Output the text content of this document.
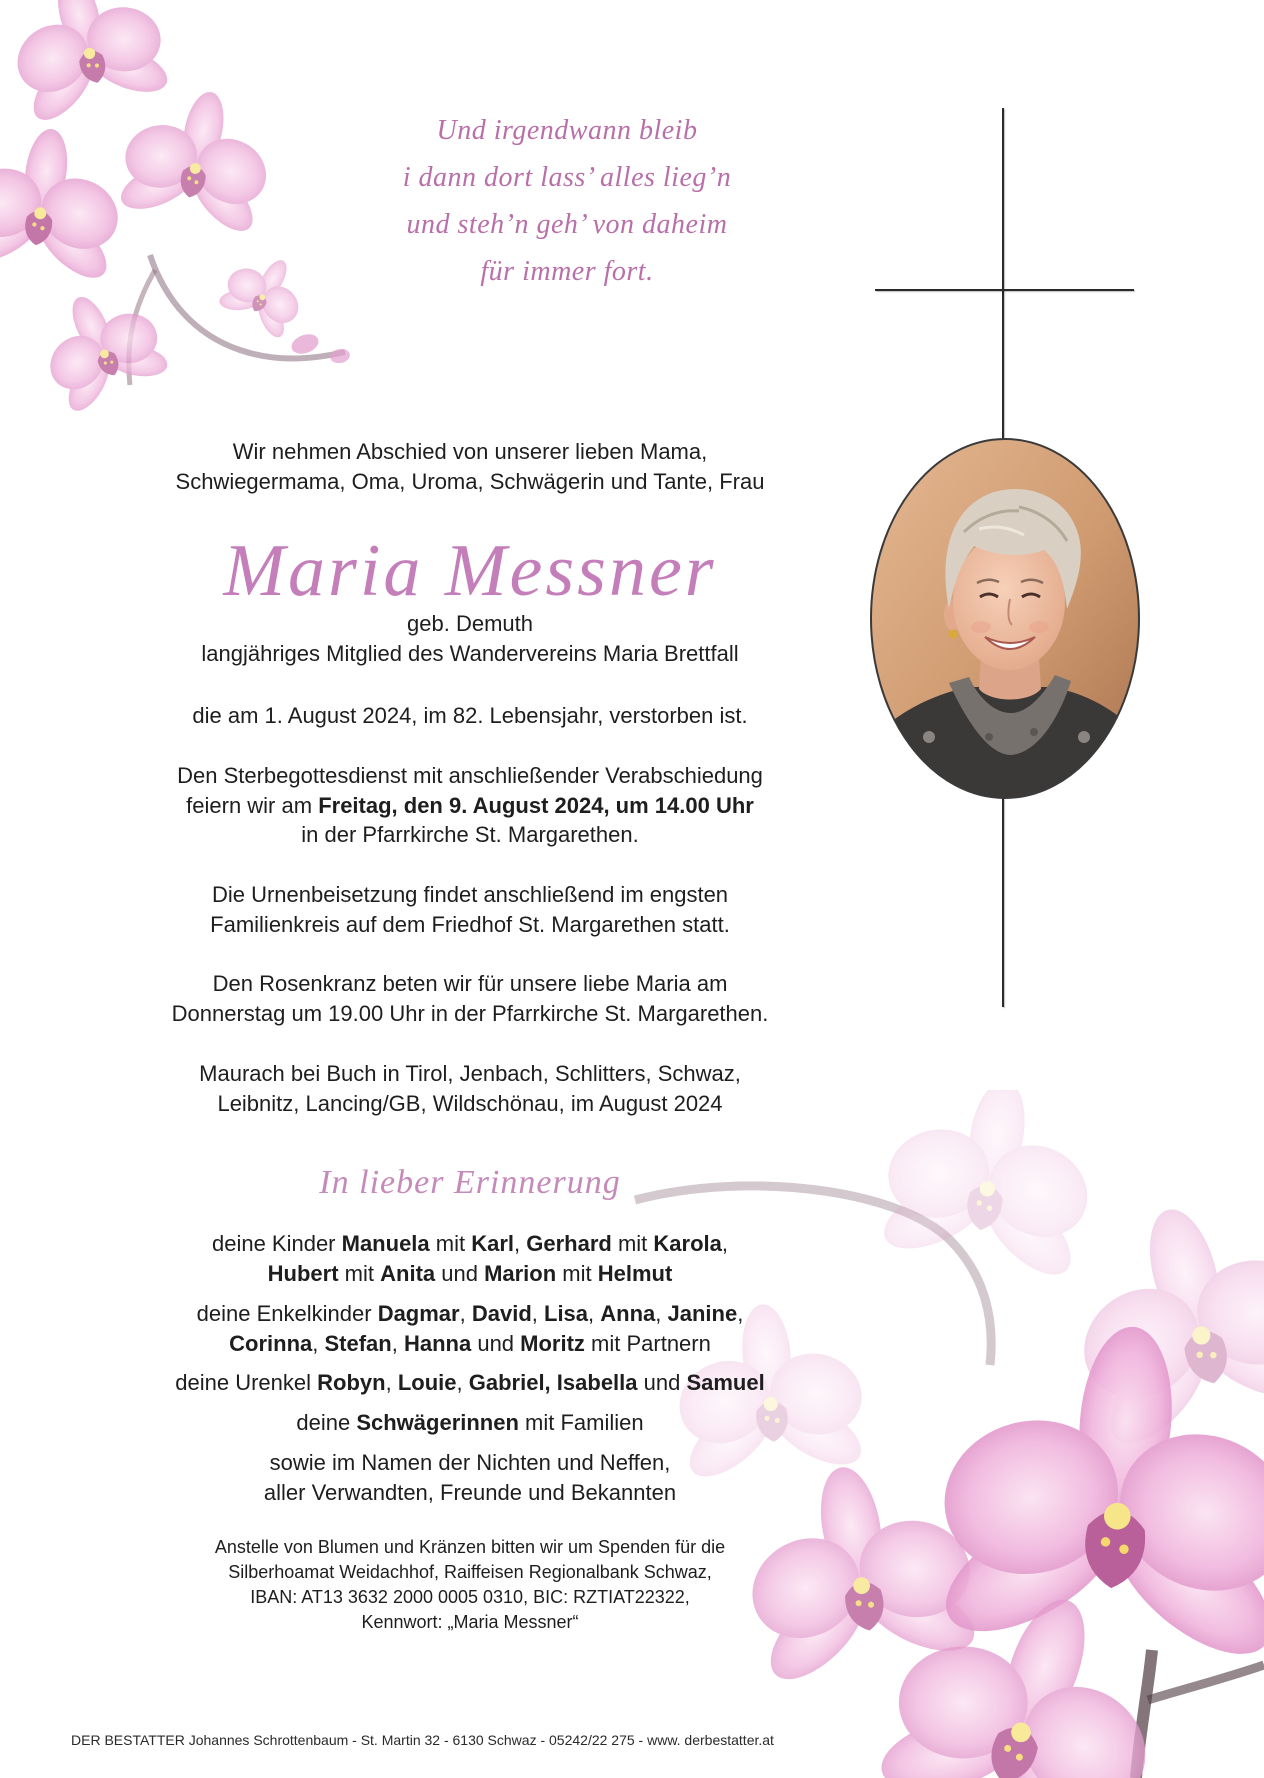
Und irgendwann bleib
i dann dort lass’ alles lieg’n
und steh’n geh’ von daheim
für immer fort.
Wir nehmen Abschied von unserer lieben Mama,
Schwiegermama, Oma, Uroma, Schwägerin und Tante, Frau
Maria Messner
geb. Demuth
langjähriges Mitglied des Wandervereins Maria Brettfall
die am 1. August 2024, im 82. Lebensjahr, verstorben ist.
Den Sterbegottesdienst mit anschließender Verabschiedung
feiern wir am Freitag, den 9. August 2024, um 14.00 Uhr
in der Pfarrkirche St. Margarethen.
Die Urnenbeisetzung findet anschließend im engsten
Familienkreis auf dem Friedhof St. Margarethen statt.
Den Rosenkranz beten wir für unsere liebe Maria am
Donnerstag um 19.00 Uhr in der Pfarrkirche St. Margarethen.
Maurach bei Buch in Tirol, Jenbach, Schlitters, Schwaz,
Leibnitz, Lancing/GB, Wildschönau, im August 2024
In lieber Erinnerung
deine Kinder Manuela mit Karl, Gerhard mit Karola,
Hubert mit Anita und Marion mit Helmut
deine Enkelkinder Dagmar, David, Lisa, Anna, Janine,
Corinna, Stefan, Hanna und Moritz mit Partnern
deine Urenkel Robyn, Louie, Gabriel, Isabella und Samuel
deine Schwägerinnen mit Familien
sowie im Namen der Nichten und Neffen,
aller Verwandten, Freunde und Bekannten
Anstelle von Blumen und Kränzen bitten wir um Spenden für die
Silberhoamat Weidachhof, Raiffeisen Regionalbank Schwaz,
IBAN: AT13 3632 2000 0005 0310, BIC: RZTIAT22322,
Kennwort: „Maria Messner“
DER BESTATTER Johannes Schrottenbaum - St. Martin 32 - 6130 Schwaz - 05242/22 275 - www. derbestatter.at
